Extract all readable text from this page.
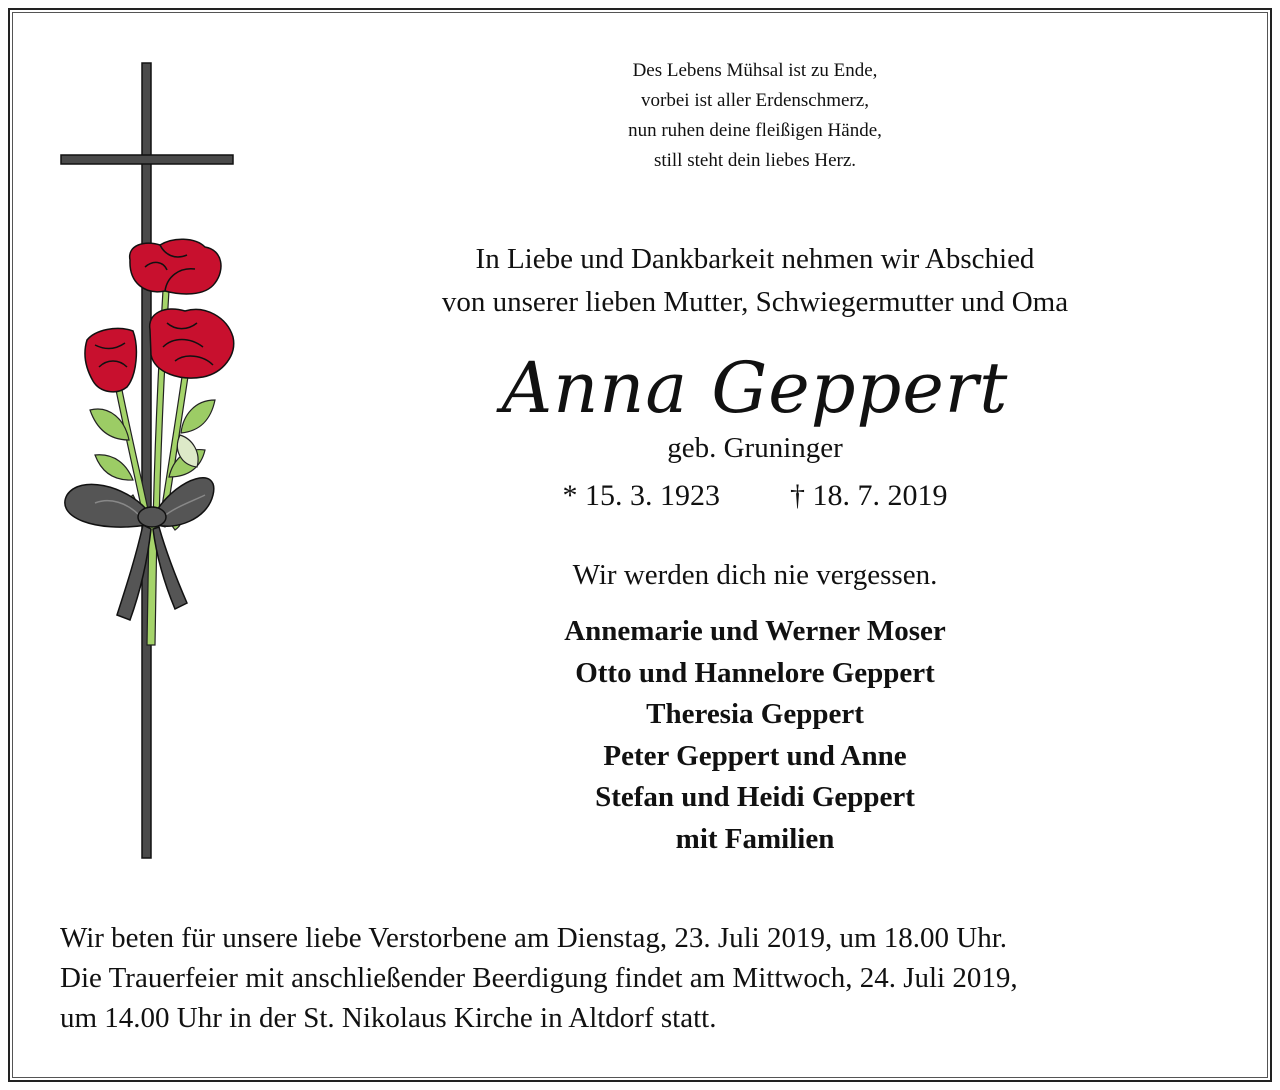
Des Lebens Mühsal ist zu Ende,
vorbei ist aller Erdenschmerz,
nun ruhen deine fleißigen Hände,
still steht dein liebes Herz.
In Liebe und Dankbarkeit nehmen wir Abschied
von unserer lieben Mutter, Schwiegermutter und Oma
Anna Geppert
geb. Gruninger
* 15. 3. 1923 † 18. 7. 2019
Wir werden dich nie vergessen.
Annemarie und Werner Moser
Otto und Hannelore Geppert
Theresia Geppert
Peter Geppert und Anne
Stefan und Heidi Geppert
mit Familien
Wir beten für unsere liebe Verstorbene am Dienstag, 23. Juli 2019, um 18.00 Uhr.
Die Trauerfeier mit anschließender Beerdigung findet am Mittwoch, 24. Juli 2019,
um 14.00 Uhr in der St. Nikolaus Kirche in Altdorf statt.
